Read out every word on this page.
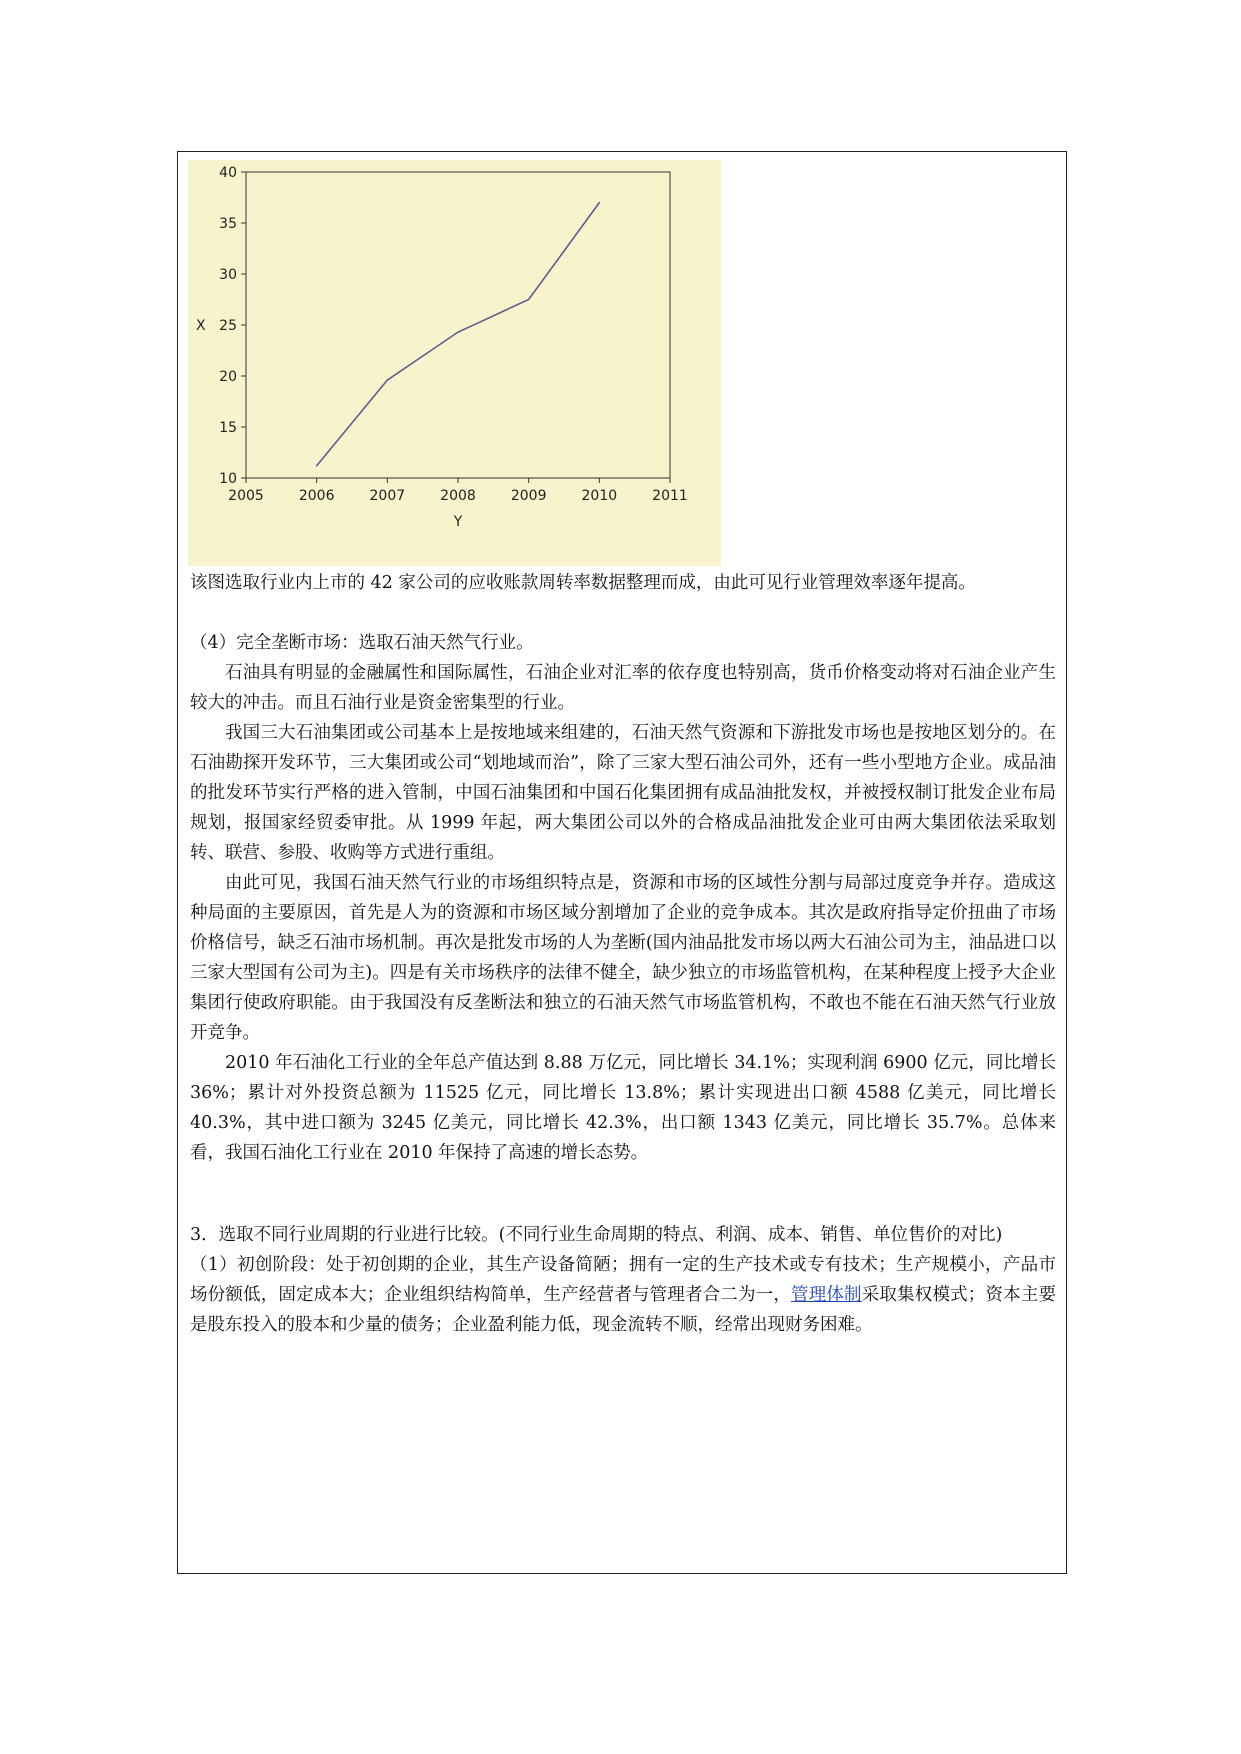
10
15
20
25
30
35
40
2005	2006	2007	2008	2009	2010	2011
X
Y

该图选取行业内上市的 42 家公司的应收账款周转率数据整理而成，由此可见行业管理效率逐年提高。

（4）完全垄断市场：选取石油天然气行业。

石油具有明显的金融属性和国际属性，石油企业对汇率的依存度也特别高，货币价格变动将对石油企业产生较大的冲击。而且石油行业是资金密集型的行业。

我国三大石油集团或公司基本上是按地域来组建的，石油天然气资源和下游批发市场也是按地区划分的。在石油勘探开发环节，三大集团或公司“划地域而治”，除了三家大型石油公司外，还有一些小型地方企业。成品油的批发环节实行严格的进入管制，中国石油集团和中国石化集团拥有成品油批发权，并被授权制订批发企业布局规划，报国家经贸委审批。从 1999 年起，两大集团公司以外的合格成品油批发企业可由两大集团依法采取划转、联营、参股、收购等方式进行重组。

由此可见，我国石油天然气行业的市场组织特点是，资源和市场的区域性分割与局部过度竞争并存。造成这种局面的主要原因，首先是人为的资源和市场区域分割增加了企业的竞争成本。其次是政府指导定价扭曲了市场价格信号，缺乏石油市场机制。再次是批发市场的人为垄断(国内油品批发市场以两大石油公司为主，油品进口以三家大型国有公司为主)。四是有关市场秩序的法律不健全，缺少独立的市场监管机构，在某种程度上授予大企业集团行使政府职能。由于我国没有反垄断法和独立的石油天然气市场监管机构，不敢也不能在石油天然气行业放开竞争。

2010 年石油化工行业的全年总产值达到 8.88 万亿元，同比增长 34.1%；实现利润 6900 亿元，同比增长 36%；累计对外投资总额为 11525 亿元，同比增长 13.8%；累计实现进出口额 4588 亿美元，同比增长 40.3%，其中进口额为 3245 亿美元，同比增长 42.3%，出口额 1343 亿美元，同比增长 35.7%。总体来看，我国石油化工行业在 2010 年保持了高速的增长态势。

3．选取不同行业周期的行业进行比较。(不同行业生命周期的特点、利润、成本、销售、单位售价的对比)

（1）初创阶段：处于初创期的企业，其生产设备简陋；拥有一定的生产技术或专有技术；生产规模小，产品市场份额低，固定成本大；企业组织结构简单，生产经营者与管理者合二为一，管理体制采取集权模式；资本主要是股东投入的股本和少量的债务；企业盈利能力低，现金流转不顺，经常出现财务困难。
